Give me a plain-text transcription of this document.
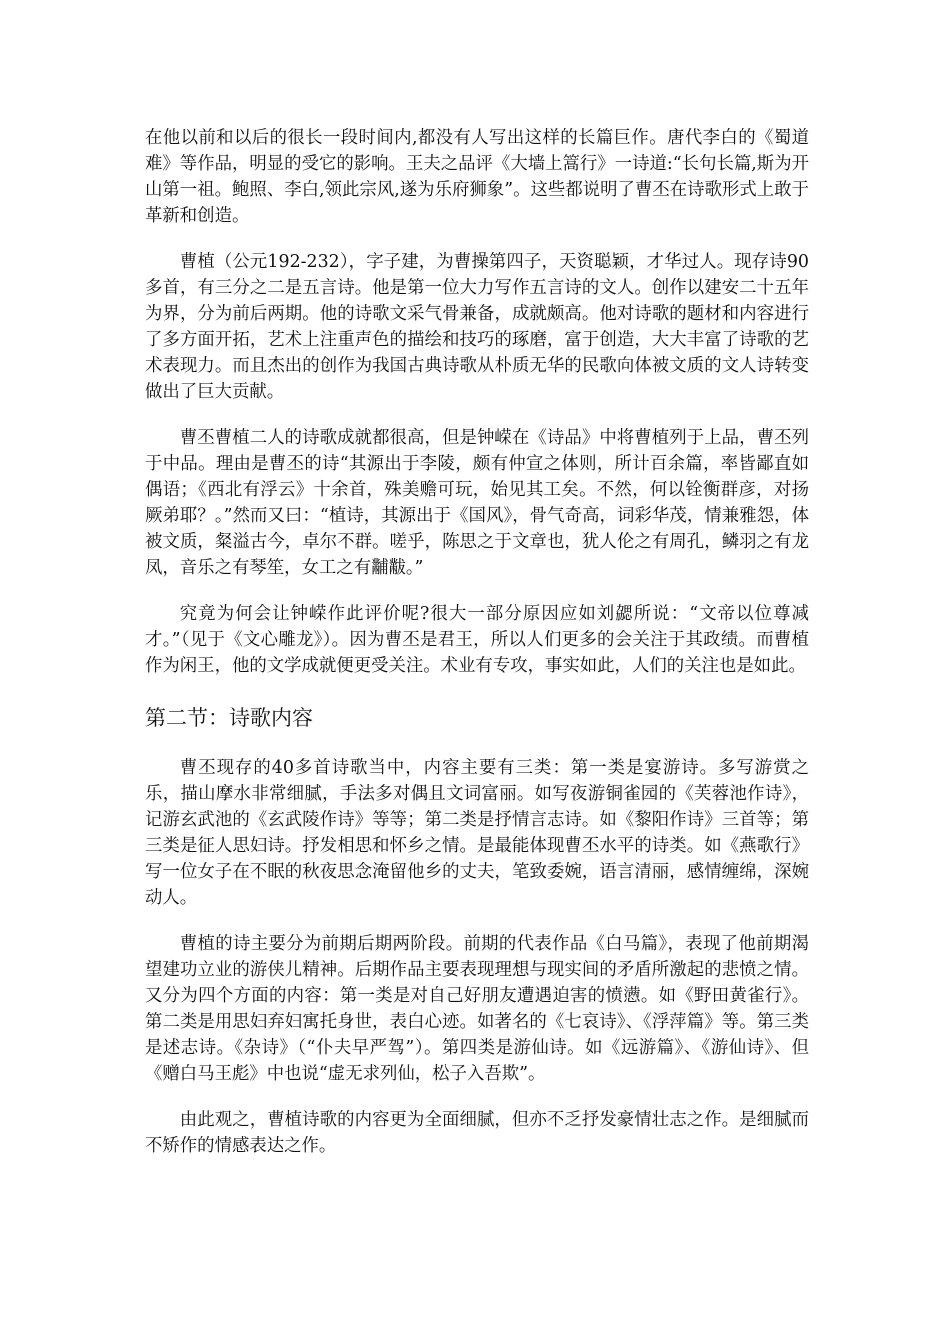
在他以前和以后的很长一段时间内,都没有人写出这样的长篇巨作。唐代李白的《蜀道难》等作品，明显的受它的影响。王夫之品评《大墙上篙行》一诗道:“长句长篇,斯为开山第一祖。鲍照、李白,领此宗风,遂为乐府狮象”。这些都说明了曹丕在诗歌形式上敢于革新和创造。

曹植（公元192-232），字子建，为曹操第四子，天资聪颖，才华过人。现存诗90多首，有三分之二是五言诗。他是第一位大力写作五言诗的文人。创作以建安二十五年为界，分为前后两期。他的诗歌文采气骨兼备，成就颇高。他对诗歌的题材和内容进行了多方面开拓，艺术上注重声色的描绘和技巧的琢磨，富于创造，大大丰富了诗歌的艺术表现力。而且杰出的创作为我国古典诗歌从朴质无华的民歌向体被文质的文人诗转变做出了巨大贡献。

曹丕曹植二人的诗歌成就都很高，但是钟嵘在《诗品》中将曹植列于上品，曹丕列于中品。理由是曹丕的诗“其源出于李陵，颇有仲宣之体则，所计百余篇，率皆鄙直如偶语；《西北有浮云》十余首，殊美赡可玩，始见其工矣。不然，何以铨衡群彦，对扬厥弟耶？。”然而又曰：“植诗，其源出于《国风》，骨气奇高，词彩华茂，情兼雅怨，体被文质，粲溢古今，卓尔不群。嗟乎，陈思之于文章也，犹人伦之有周孔，鳞羽之有龙凤，音乐之有琴笙，女工之有黼黻。”

究竟为何会让钟嵘作此评价呢?很大一部分原因应如刘勰所说：“文帝以位尊减才。”（见于《文心雕龙》）。因为曹丕是君王，所以人们更多的会关注于其政绩。而曹植作为闲王，他的文学成就便更受关注。术业有专攻，事实如此，人们的关注也是如此。

第二节：诗歌内容

曹丕现存的40多首诗歌当中，内容主要有三类：第一类是宴游诗。多写游赏之乐，描山摩水非常细腻，手法多对偶且文词富丽。如写夜游铜雀园的《芙蓉池作诗》，记游玄武池的《玄武陵作诗》等等；第二类是抒情言志诗。如《黎阳作诗》三首等；第三类是征人思妇诗。抒发相思和怀乡之情。是最能体现曹丕水平的诗类。如《燕歌行》写一位女子在不眠的秋夜思念淹留他乡的丈夫，笔致委婉，语言清丽，感情缠绵，深婉动人。

曹植的诗主要分为前期后期两阶段。前期的代表作品《白马篇》，表现了他前期渴望建功立业的游侠儿精神。后期作品主要表现理想与现实间的矛盾所激起的悲愤之情。又分为四个方面的内容：第一类是对自己好朋友遭遇迫害的愤懑。如《野田黄雀行》。第二类是用思妇弃妇寓托身世，表白心迹。如著名的《七哀诗》、《浮萍篇》等。第三类是述志诗。《杂诗》（“仆夫早严驾”）。第四类是游仙诗。如《远游篇》、《游仙诗》、但《赠白马王彪》中也说“虚无求列仙，松子入吾欺”。

由此观之，曹植诗歌的内容更为全面细腻，但亦不乏抒发豪情壮志之作。是细腻而不矫作的情感表达之作。
